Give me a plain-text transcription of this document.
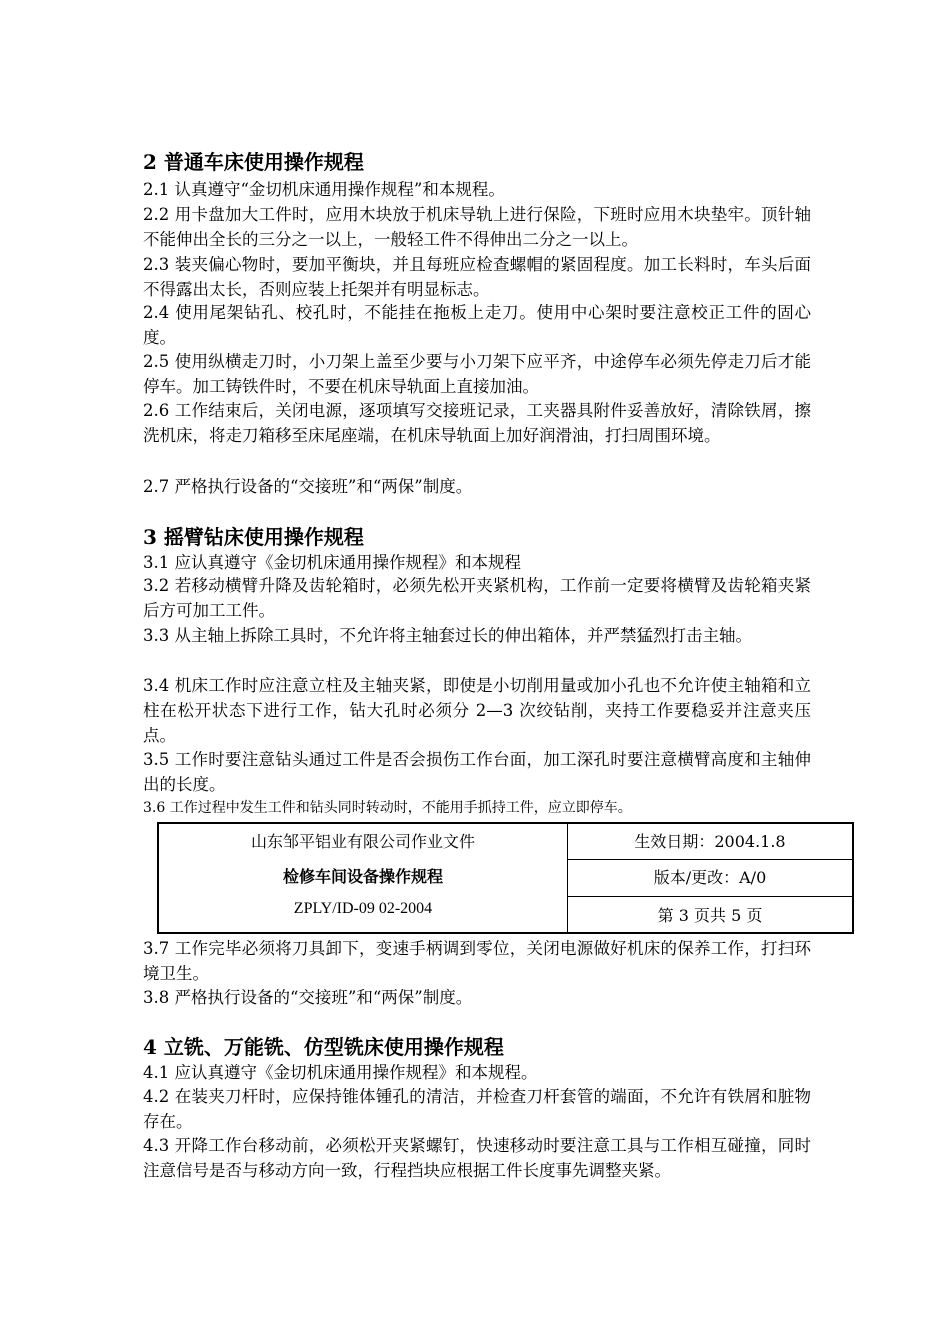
2 普通车床使用操作规程
2.1 认真遵守“金切机床通用操作规程”和本规程。
2.2 用卡盘加大工件时，应用木块放于机床导轨上进行保险，下班时应用木块垫牢。顶针轴不能伸出全长的三分之一以上，一般轻工件不得伸出二分之一以上。
2.3 装夹偏心物时，要加平衡块，并且每班应检查螺帽的紧固程度。加工长料时，车头后面不得露出太长，否则应装上托架并有明显标志。
2.4 使用尾架钻孔、校孔时，不能挂在拖板上走刀。使用中心架时要注意校正工件的固心度。
2.5 使用纵横走刀时，小刀架上盖至少要与小刀架下应平齐，中途停车必须先停走刀后才能停车。加工铸铁件时，不要在机床导轨面上直接加油。
2.6 工作结束后，关闭电源，逐项填写交接班记录，工夹器具附件妥善放好，清除铁屑，擦洗机床，将走刀箱移至床尾座端，在机床导轨面上加好润滑油，打扫周围环境。
2.7 严格执行设备的“交接班”和“两保”制度。
3 摇臂钻床使用操作规程
3.1 应认真遵守《金切机床通用操作规程》和本规程
3.2 若移动横臂升降及齿轮箱时，必须先松开夹紧机构，工作前一定要将横臂及齿轮箱夹紧后方可加工工件。
3.3 从主轴上拆除工具时，不允许将主轴套过长的伸出箱体，并严禁猛烈打击主轴。
3.4 机床工作时应注意立柱及主轴夹紧，即使是小切削用量或加小孔也不允许使主轴箱和立柱在松开状态下进行工作，钻大孔时必须分 2—3 次绞钻削，夹持工作要稳妥并注意夹压点。
3.5 工作时要注意钻头通过工件是否会损伤工作台面，加工深孔时要注意横臂高度和主轴伸出的长度。
3.6 工作过程中发生工件和钻头同时转动时，不能用手抓持工件，应立即停车。
3.7 工作完毕必须将刀具卸下，变速手柄调到零位，关闭电源做好机床的保养工作，打扫环境卫生。
3.8 严格执行设备的“交接班”和“两保”制度。
4 立铣、万能铣、仿型铣床使用操作规程
4.1 应认真遵守《金切机床通用操作规程》和本规程。
4.2 在装夹刀杆时，应保持锥体锺孔的清洁，并检查刀杆套管的端面，不允许有铁屑和脏物存在。
4.3 开降工作台移动前，必须松开夹紧螺钉，快速移动时要注意工具与工作相互碰撞，同时注意信号是否与移动方向一致，行程挡块应根据工件长度事先调整夹紧。
山东邹平铝业有限公司作业文件
检修车间设备操作规程
ZPLY/ID-09 02-2004
生效日期：2004.1.8
版本/更改：A/0
第 3 页共 5 页
